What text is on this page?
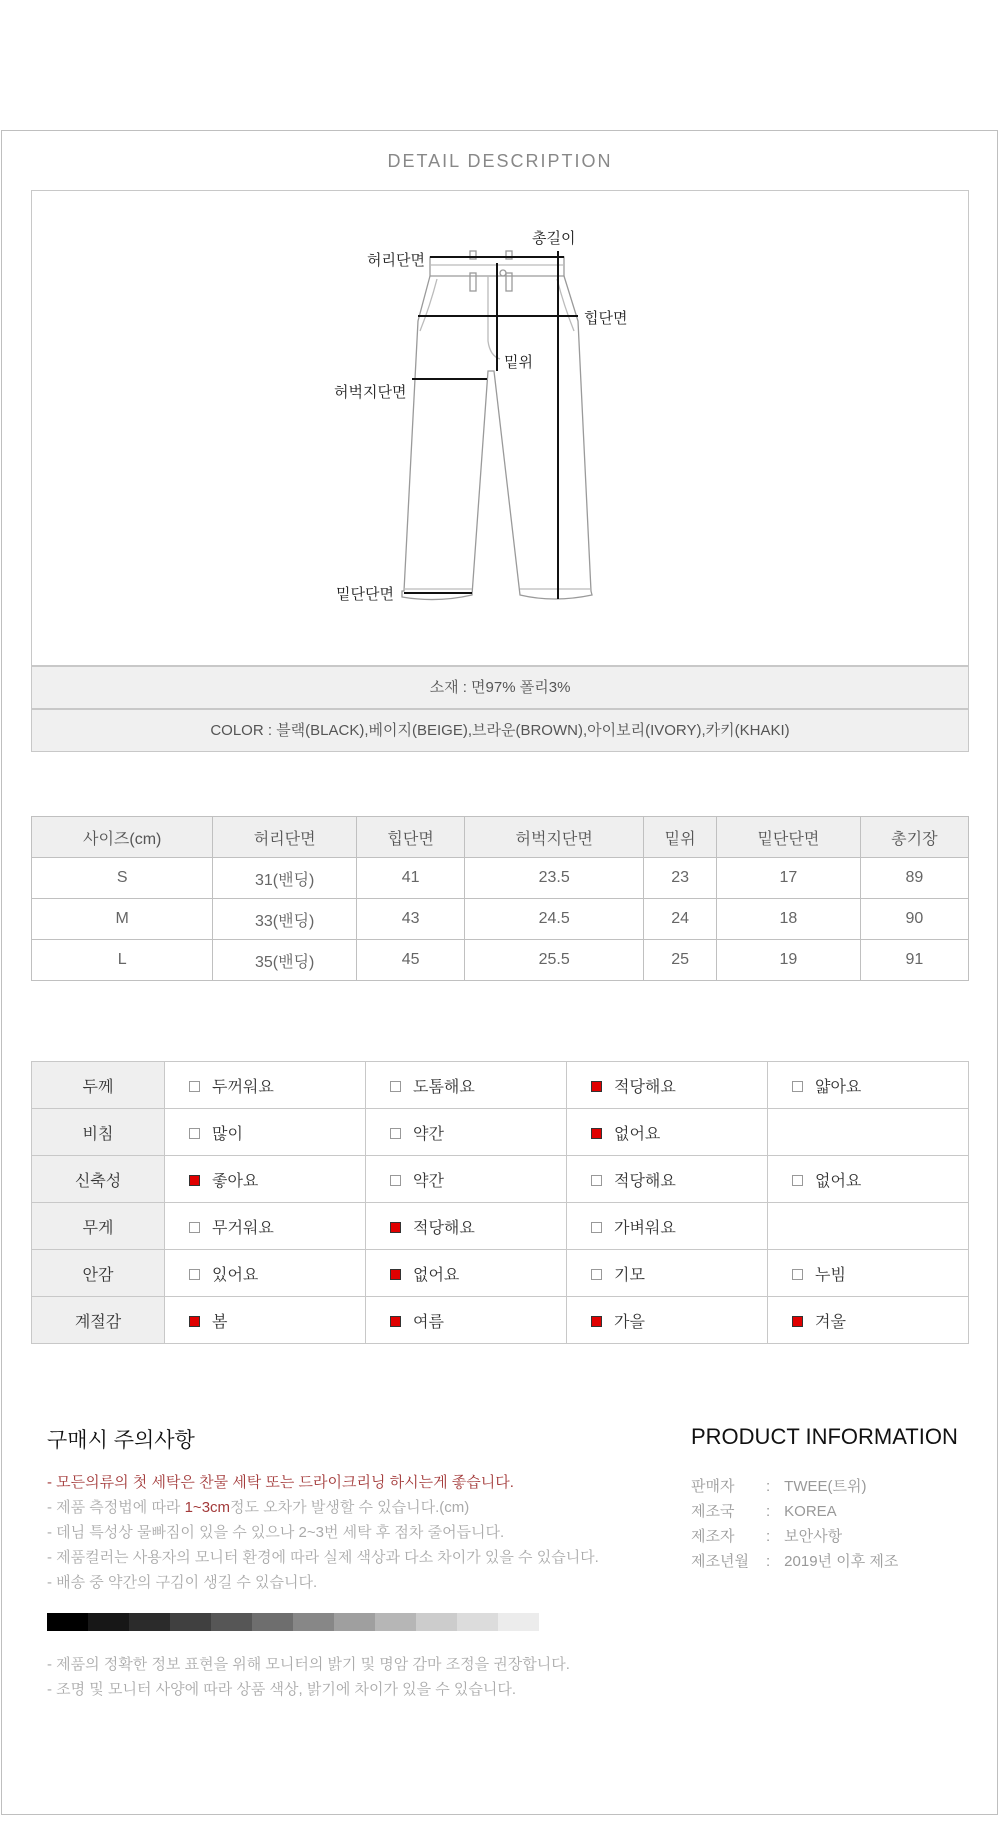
DETAIL DESCRIPTION
총길이
허리단면
힙단면
밑위
허벅지단면
밑단단면
소재 : 면97% 폴리3%
COLOR : 블랙(BLACK),베이지(BEIGE),브라운(BROWN),아이보리(IVORY),카키(KHAKI)
사이즈(cm)	허리단면	힙단면	허벅지단면	밑위	밑단단면	총기장
S	31(밴딩)	41	23.5	23	17	89
M	33(밴딩)	43	24.5	24	18	90
L	35(밴딩)	45	25.5	25	19	91
두께	두꺼워요	도톰해요	적당해요	얇아요
비침	많이	약간	없어요	
신축성	좋아요	약간	적당해요	없어요
무게	무거워요	적당해요	가벼워요	
안감	있어요	없어요	기모	누빔
계절감	봄	여름	가을	겨울
구매시 주의사항
- 모든의류의 첫 세탁은 찬물 세탁 또는 드라이크리닝 하시는게 좋습니다.
- 제품 측정법에 따라 1~3cm정도 오차가 발생할 수 있습니다.(cm)
- 데님 특성상 물빠짐이 있을 수 있으나 2~3번 세탁 후 점차 줄어듭니다.
- 제품컬러는 사용자의 모니터 환경에 따라 실제 색상과 다소 차이가 있을 수 있습니다.
- 배송 중 약간의 구김이 생길 수 있습니다.
- 제품의 정확한 정보 표현을 위해 모니터의 밝기 및 명암 감마 조정을 권장합니다.
- 조명 및 모니터 사양에 따라 상품 색상, 밝기에 차이가 있을 수 있습니다.
PRODUCT INFORMATION
판매자 : TWEE(트위)
제조국 : KOREA
제조자 : 보안사항
제조년월 : 2019년 이후 제조
